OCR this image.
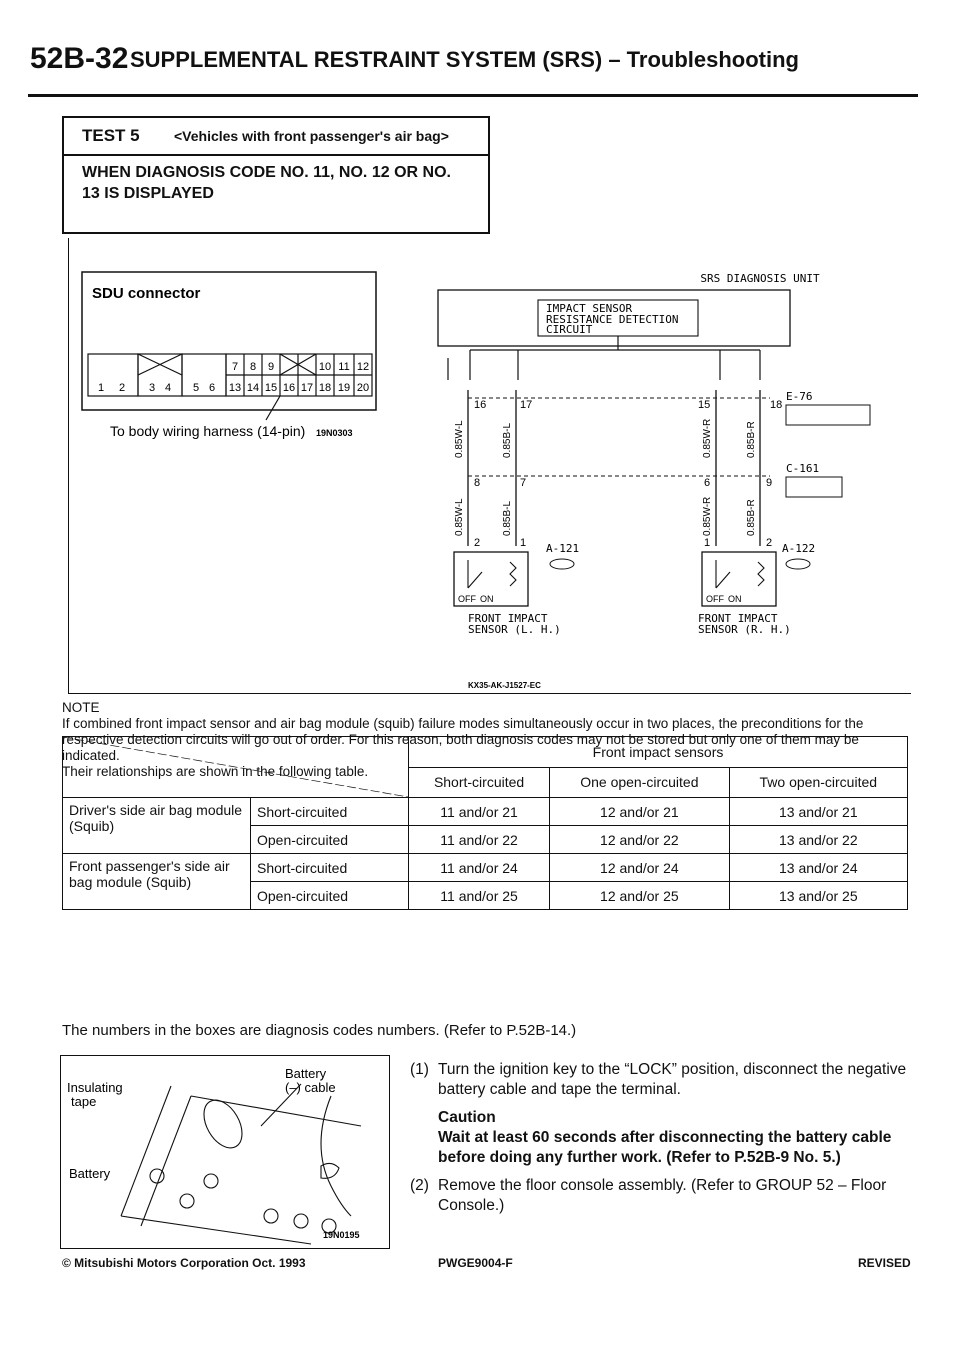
52B-32 SUPPLEMENTAL RESTRAINT SYSTEM (SRS) – Troubleshooting
TEST 5 <Vehicles with front passenger's air bag>
WHEN DIAGNOSIS CODE NO. 11, NO. 12 OR NO. 13 IS DISPLAYED
SDU connector
1 2 3 4 5 6
7 8 9	10 11 12
13 14 15 16 17 18 19 20
To body wiring harness (14-pin) 19N0303
SRS DIAGNOSIS UNIT
IMPACT SENSOR
RESISTANCE DETECTION
CIRCUIT
16	17	15	18
8	7	6	9
2	1	1	2
0.85W-L	0.85B-L	0.85W-R	0.85B-R
0.85W-L	0.85B-L	0.85W-R	0.85B-R
E-76
C-161
A-121	A-122
OFF ON	OFF ON
FRONT IMPACT
SENSOR (L. H.)
FRONT IMPACT
SENSOR (R. H.)
KX35-AK-J1527-EC
NOTE
If combined front impact sensor and air bag module (squib) failure modes simultaneously occur in two places, the preconditions for the respective detection circuits will go out of order. For this reason, both diagnosis codes may not be stored but only one of them may be indicated.
Their relationships are shown in the following table.
	Front impact sensors		
		Short-circuited	One open-circuited	Two open-circuited
Driver's side air bag module (Squib)	Short-circuited	11 and/or 21	12 and/or 21	13 and/or 21
	Open-circuited	11 and/or 22	12 and/or 22	13 and/or 22
Front passenger's side air bag module (Squib)	Short-circuited	11 and/or 24	12 and/or 24	13 and/or 24
	Open-circuited	11 and/or 25	12 and/or 25	13 and/or 25
The numbers in the boxes are diagnosis codes numbers. (Refer to P.52B-14.)
Insulating
tape
Battery
Battery
(–) cable
19N0195
(1) Turn the ignition key to the “LOCK” position, disconnect the negative battery cable and tape the terminal.
Caution
Wait at least 60 seconds after disconnecting the battery cable before doing any further work. (Refer to P.52B-9 No. 5.)
(2) Remove the floor console assembly. (Refer to GROUP 52 – Floor Console.)
© Mitsubishi Motors Corporation Oct. 1993	PWGE9004-F	REVISED
